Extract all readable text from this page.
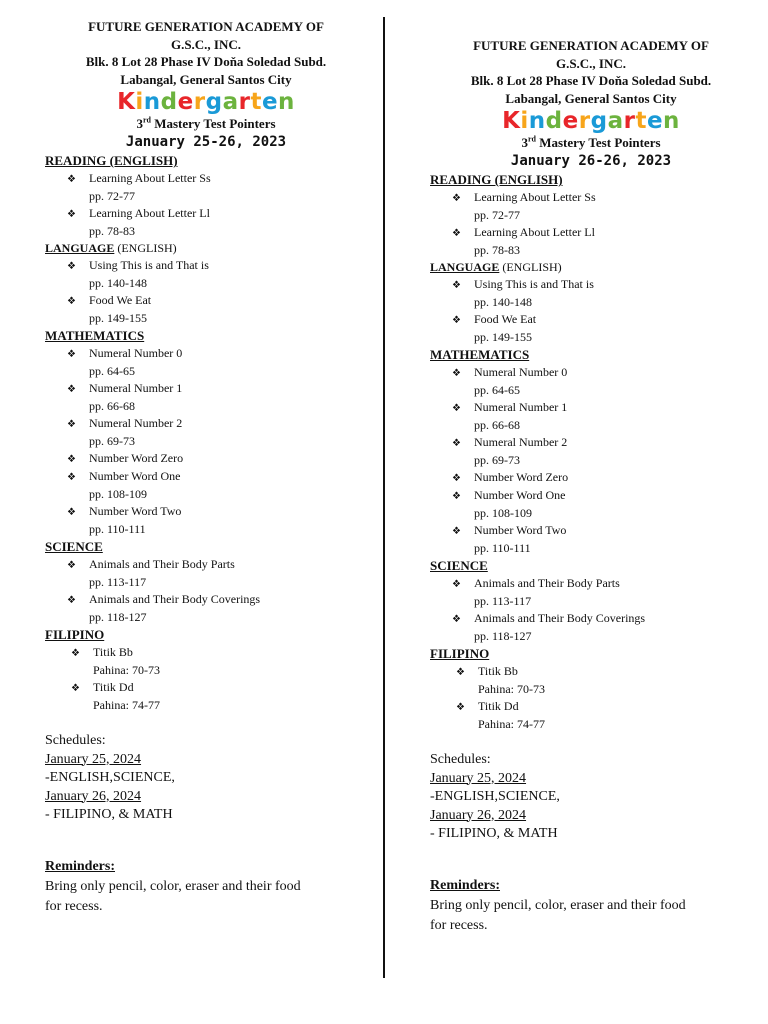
FUTURE GENERATION ACADEMY OF
G.S.C., INC.
Blk. 8 Lot 28 Phase IV Doňa Soledad Subd.
Labangal, General Santos City
Kindergarten
3rd Mastery Test Pointers
January 25-26, 2023
READING (ENGLISH)
❖ Learning About Letter Ss
pp. 72-77
❖ Learning About Letter Ll
pp. 78-83
LANGUAGE (ENGLISH)
❖ Using This is and That is
pp. 140-148
❖ Food We Eat
pp. 149-155
MATHEMATICS
❖ Numeral Number 0
pp. 64-65
❖ Numeral Number 1
pp. 66-68
❖ Numeral Number 2
pp. 69-73
❖ Number Word Zero
❖ Number Word One
pp. 108-109
❖ Number Word Two
pp. 110-111
SCIENCE
❖ Animals and Their Body Parts
pp. 113-117
❖ Animals and Their Body Coverings
pp. 118-127
FILIPINO
❖ Titik Bb
Pahina: 70-73
❖ Titik Dd
Pahina: 74-77
Schedules:
January 25, 2024
-ENGLISH,SCIENCE,
January 26, 2024
- FILIPINO, & MATH
Reminders:
Bring only pencil, color, eraser and their food
for recess.
FUTURE GENERATION ACADEMY OF
G.S.C., INC.
Blk. 8 Lot 28 Phase IV Doňa Soledad Subd.
Labangal, General Santos City
Kindergarten
3rd Mastery Test Pointers
January 26-26, 2023
READING (ENGLISH)
❖ Learning About Letter Ss
pp. 72-77
❖ Learning About Letter Ll
pp. 78-83
LANGUAGE (ENGLISH)
❖ Using This is and That is
pp. 140-148
❖ Food We Eat
pp. 149-155
MATHEMATICS
❖ Numeral Number 0
pp. 64-65
❖ Numeral Number 1
pp. 66-68
❖ Numeral Number 2
pp. 69-73
❖ Number Word Zero
❖ Number Word One
pp. 108-109
❖ Number Word Two
pp. 110-111
SCIENCE
❖ Animals and Their Body Parts
pp. 113-117
❖ Animals and Their Body Coverings
pp. 118-127
FILIPINO
❖ Titik Bb
Pahina: 70-73
❖ Titik Dd
Pahina: 74-77
Schedules:
January 25, 2024
-ENGLISH,SCIENCE,
January 26, 2024
- FILIPINO, & MATH
Reminders:
Bring only pencil, color, eraser and their food
for recess.
